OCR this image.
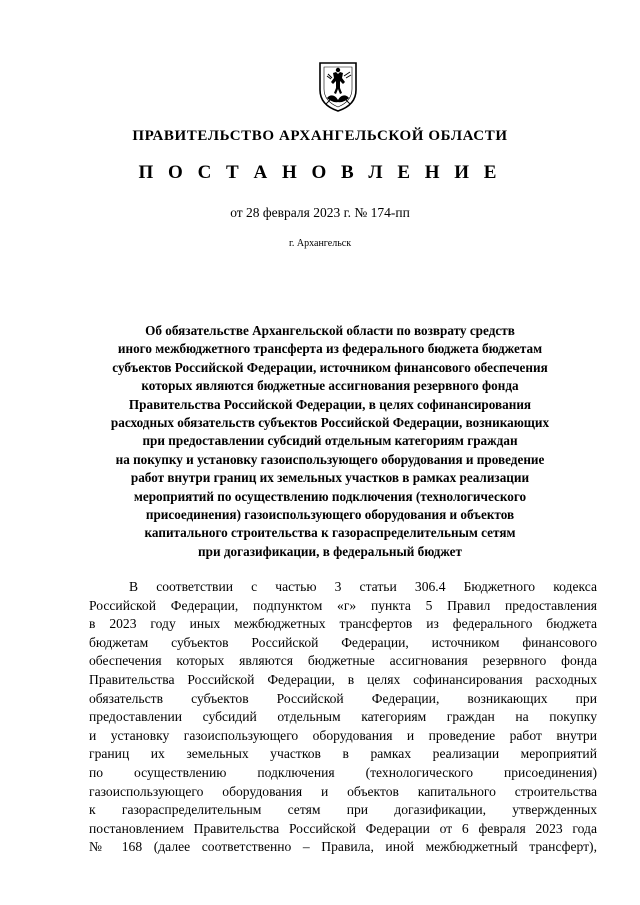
ПРАВИТЕЛЬСТВО АРХАНГЕЛЬСКОЙ ОБЛАСТИ
П О С Т А Н О В Л Е Н И Е
от 28 февраля 2023 г. № 174-пп
г. Архангельск
Об обязательстве Архангельской области по возврату средств
иного межбюджетного трансферта из федерального бюджета бюджетам
субъектов Российской Федерации, источником финансового обеспечения
которых являются бюджетные ассигнования резервного фонда
Правительства Российской Федерации, в целях софинансирования
расходных обязательств субъектов Российской Федерации, возникающих
при предоставлении субсидий отдельным категориям граждан
на покупку и установку газоиспользующего оборудования и проведение
работ внутри границ их земельных участков в рамках реализации
мероприятий по осуществлению подключения (технологического
присоединения) газоиспользующего оборудования и объектов
капитального строительства к газораспределительным сетям
при догазификации, в федеральный бюджет
В соответствии с частью 3 статьи 306.4 Бюджетного кодекса
Российской Федерации, подпунктом «г» пункта 5 Правил предоставления
в 2023 году иных межбюджетных трансфертов из федерального бюджета
бюджетам субъектов Российской Федерации, источником финансового
обеспечения которых являются бюджетные ассигнования резервного фонда
Правительства Российской Федерации, в целях софинансирования расходных
обязательств субъектов Российской Федерации, возникающих при
предоставлении субсидий отдельным категориям граждан на покупку
и установку газоиспользующего оборудования и проведение работ внутри
границ их земельных участков в рамках реализации мероприятий
по осуществлению подключения (технологического присоединения)
газоиспользующего оборудования и объектов капитального строительства
к газораспределительным сетям при догазификации, утвержденных
постановлением Правительства Российской Федерации от 6 февраля 2023 года
№ 168 (далее соответственно – Правила, иной межбюджетный трансферт),
